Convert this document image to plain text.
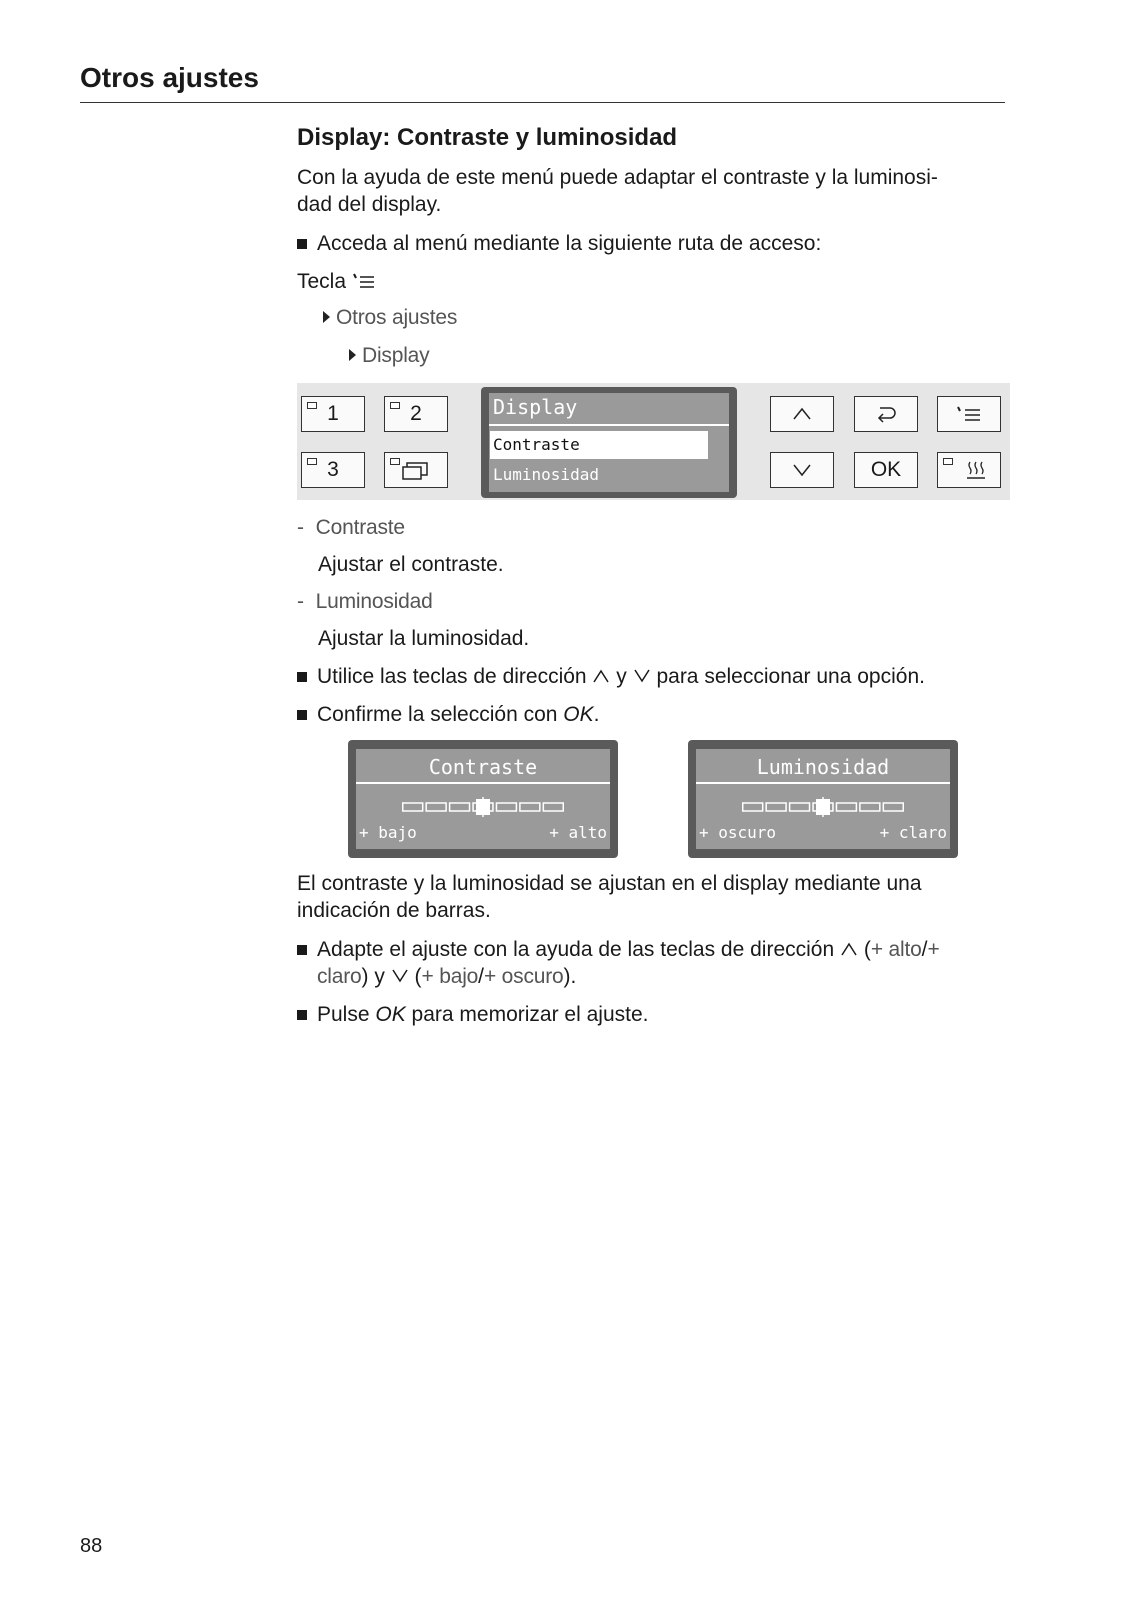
Otros ajustes
Display: Contraste y luminosidad
Con la ayuda de este menú puede adaptar el contraste y la luminosi-
dad del display.
Acceda al menú mediante la siguiente ruta de acceso:
Tecla
Otros ajustes
Display
1	2
3
Display
Contraste
Luminosidad	OK
-  Contraste
Ajustar el contraste.
-  Luminosidad
Ajustar la luminosidad.
Utilice las teclas de dirección  y  para seleccionar una opción.
Confirme la selección con OK.
Contraste
+ bajo	+ alto
Luminosidad
+ oscuro	+ claro
El contraste y la luminosidad se ajustan en el display mediante una
indicación de barras.
Adapte el ajuste con la ayuda de las teclas de dirección  (+ alto/+
claro) y  (+ bajo/+ oscuro).
Pulse OK para memorizar el ajuste.
88
